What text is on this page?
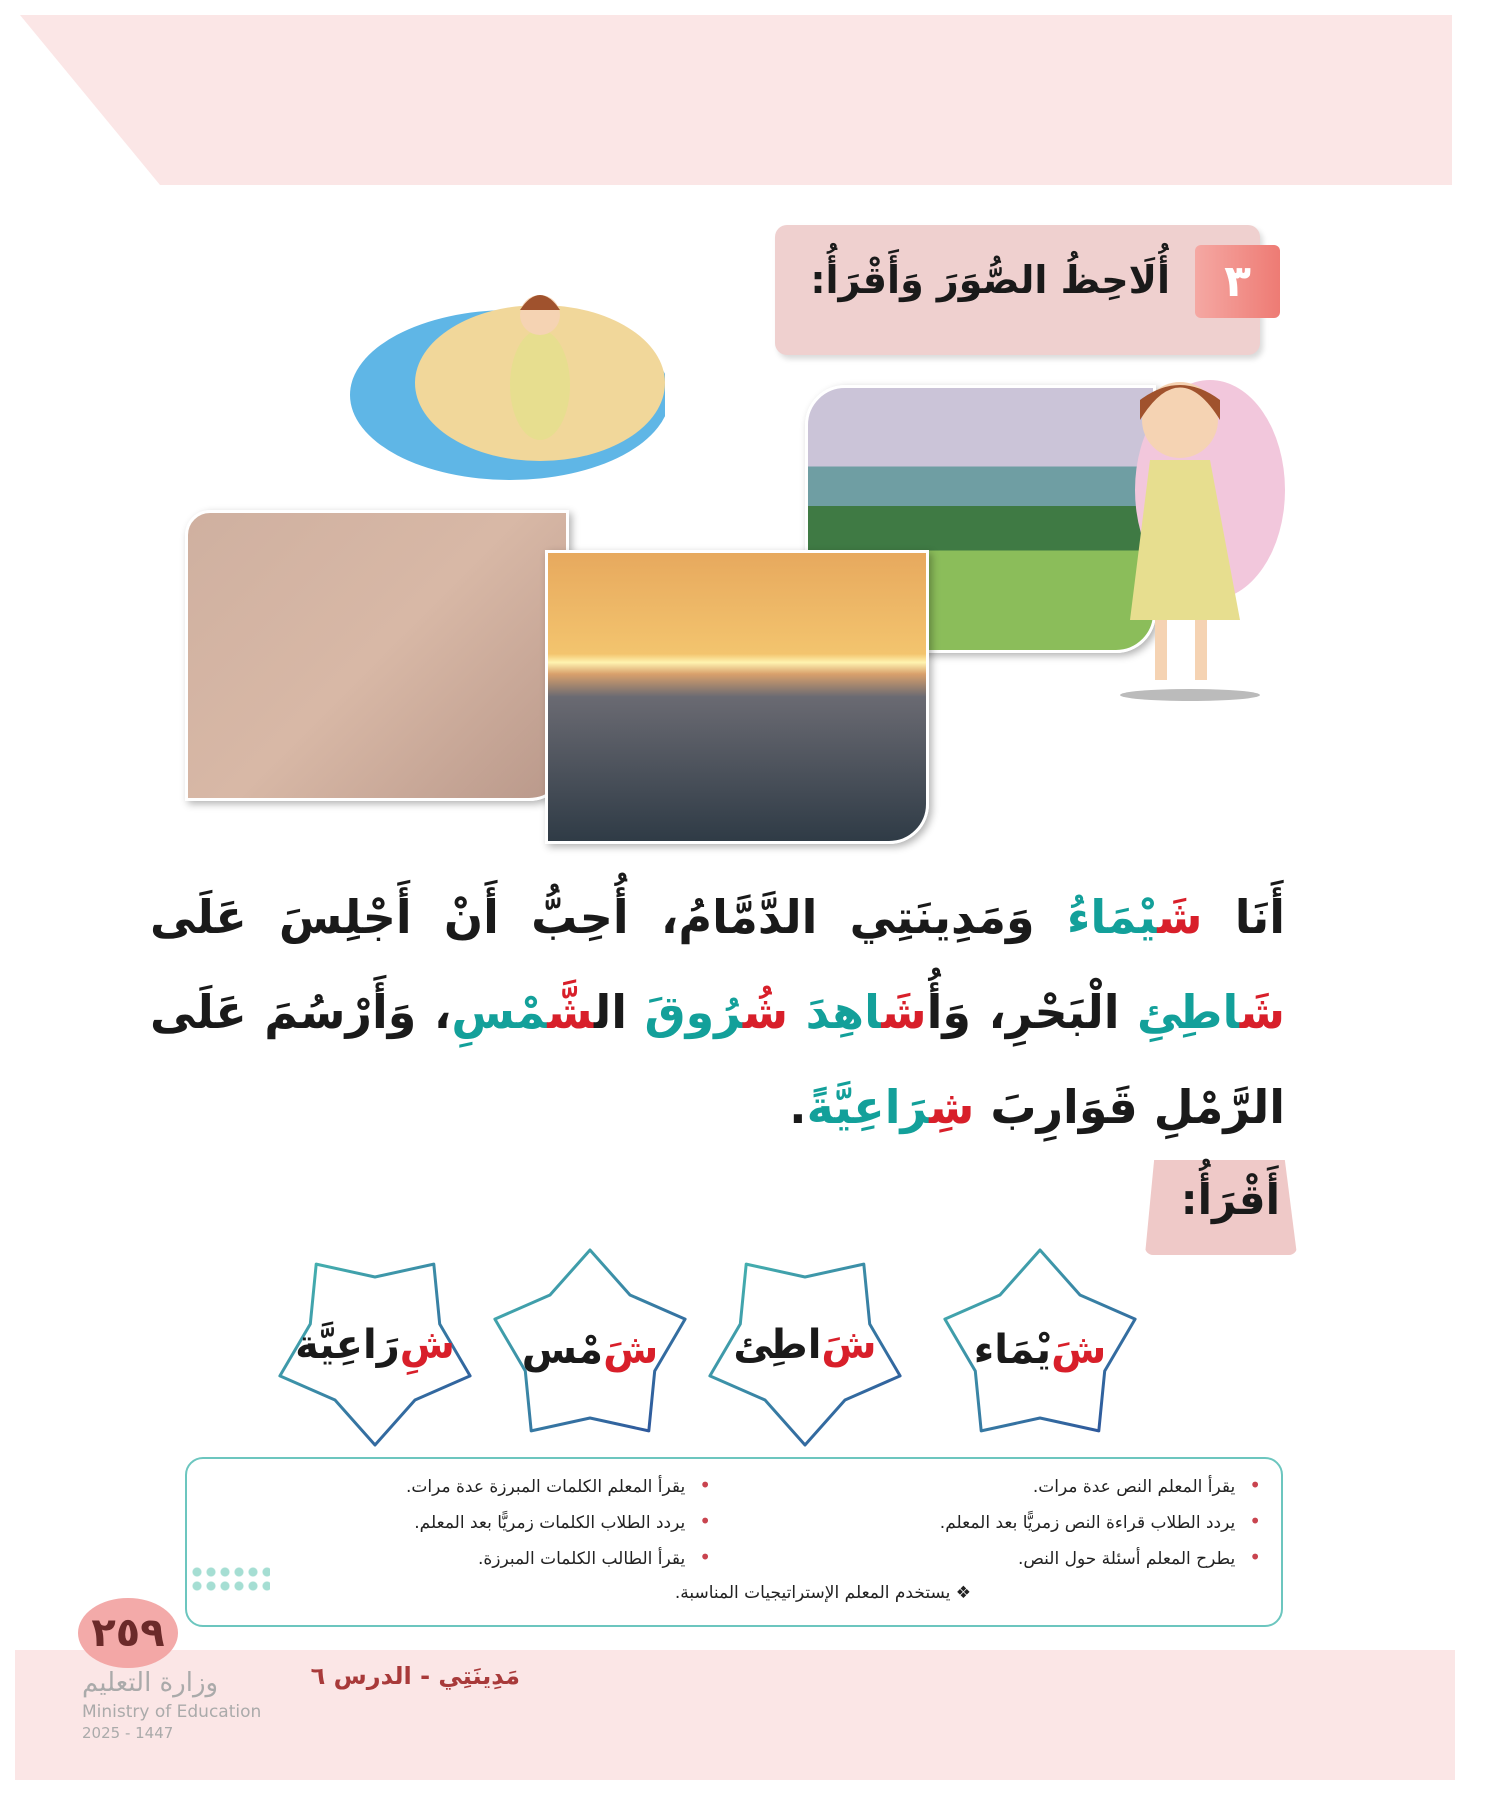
٣
أُلَاحِظُ الصُّوَرَ وَأَقْرَأُ:
أَنَا شَيْمَاءُ وَمَدِينَتِي الدَّمَّامُ، أُحِبُّ أَنْ أَجْلِسَ عَلَى
شَاطِئِ الْبَحْرِ، وَأُشَاهِدَ شُرُوقَ الشَّمْسِ، وَأَرْسُمَ عَلَى
الرَّمْلِ قَوَارِبَ شِرَاعِيَّةً.
أَقْرَأُ:
شَ
يْمَاء
شَ
اطِئ
شَ
مْس
شِ
رَاعِيَّة
• يقرأ المعلم النص عدة مرات.
• يردد الطلاب قراءة النص زمريًّا بعد المعلم.
• يطرح المعلم أسئلة حول النص.
• يقرأ المعلم الكلمات المبرزة عدة مرات.
• يردد الطلاب الكلمات زمريًّا بعد المعلم.
• يقرأ الطالب الكلمات المبرزة.
❖ يستخدم المعلم الإستراتيجيات المناسبة.
٢٥٩
وزارة التعليم
Ministry of Education
2025 - 1447
مَدِينَتِي - الدرس ٦
